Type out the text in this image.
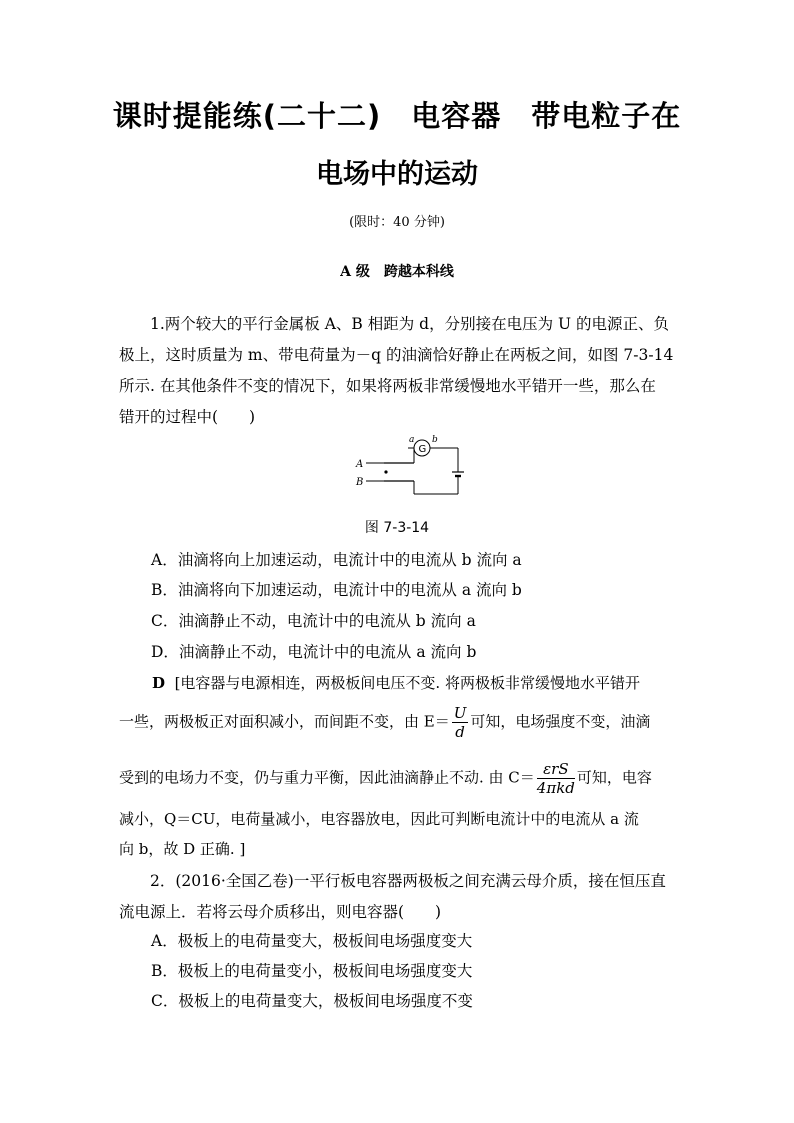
课时提能练(二十二)　电容器　带电粒子在
电场中的运动
(限时：40 分钟)
A 级　跨越本科线
1.两个较大的平行金属板 A、B 相距为 d，分别接在电压为 U 的电源正、负
极上，这时质量为 m、带电荷量为－q 的油滴恰好静止在两板之间，如图 7-3-14
所示. 在其他条件不变的情况下，如果将两板非常缓慢地水平错开一些，那么在
错开的过程中(　　)
A
B
G
a b
图 7-3-14
A．油滴将向上加速运动，电流计中的电流从 b 流向 a
B．油滴将向下加速运动，电流计中的电流从 a 流向 b
C．油滴静止不动，电流计中的电流从 b 流向 a
D．油滴静止不动，电流计中的电流从 a 流向 b
D [电容器与电源相连，两极板间电压不变. 将两极板非常缓慢地水平错开
一些，两极板正对面积减小，而间距不变，由 $E= \frac{U}{d}$ 可知，电场强度不变，油滴
受到的电场力不变，仍与重力平衡，因此油滴静止不动. 由 $C= \frac{\text{εrS}}{\text{4πkd}}$ 可知，电容
减小，Q＝CU，电荷量减小，电容器放电，因此可判断电流计中的电流从 a 流
向 b，故 D 正确. ]
2．(2016·全国乙卷)一平行板电容器两极板之间充满云母介质，接在恒压直
流电源上．若将云母介质移出，则电容器(　　)
A．极板上的电荷量变大，极板间电场强度变大
B．极板上的电荷量变小，极板间电场强度变大
C．极板上的电荷量变大，极板间电场强度不变
